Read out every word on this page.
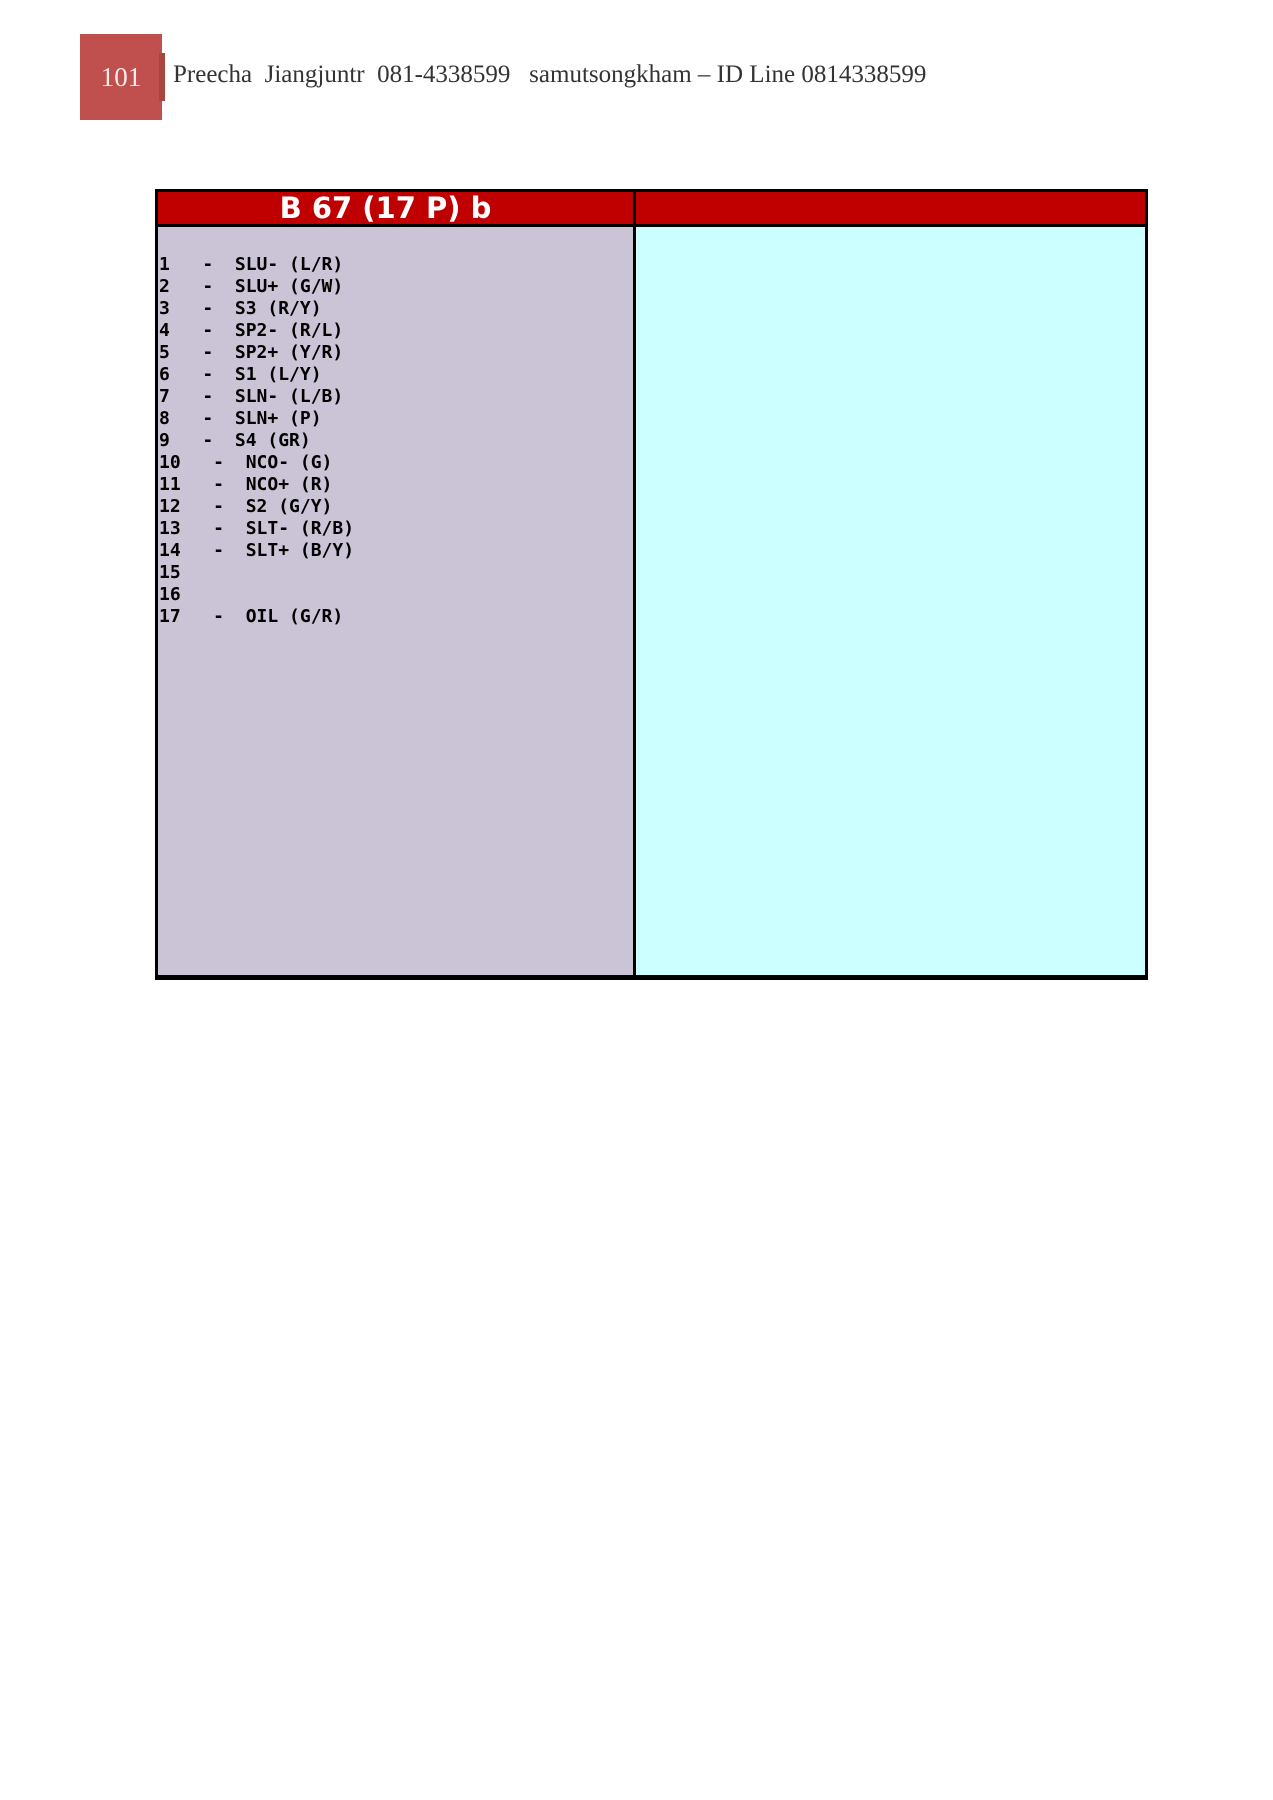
101 Preecha  Jiangjuntr  081-4338599   samutsongkham – ID Line 0814338599
B 67 (17 P) b
1   -  SLU- (L/R)
2   -  SLU+ (G/W)
3   -  S3 (R/Y)
4   -  SP2- (R/L)
5   -  SP2+ (Y/R)
6   -  S1 (L/Y)
7   -  SLN- (L/B)
8   -  SLN+ (P)
9   -  S4 (GR)
10   -  NCO- (G)
11   -  NCO+ (R)
12   -  S2 (G/Y)
13   -  SLT- (R/B)
14   -  SLT+ (B/Y)
15
16
17   -  OIL (G/R)
